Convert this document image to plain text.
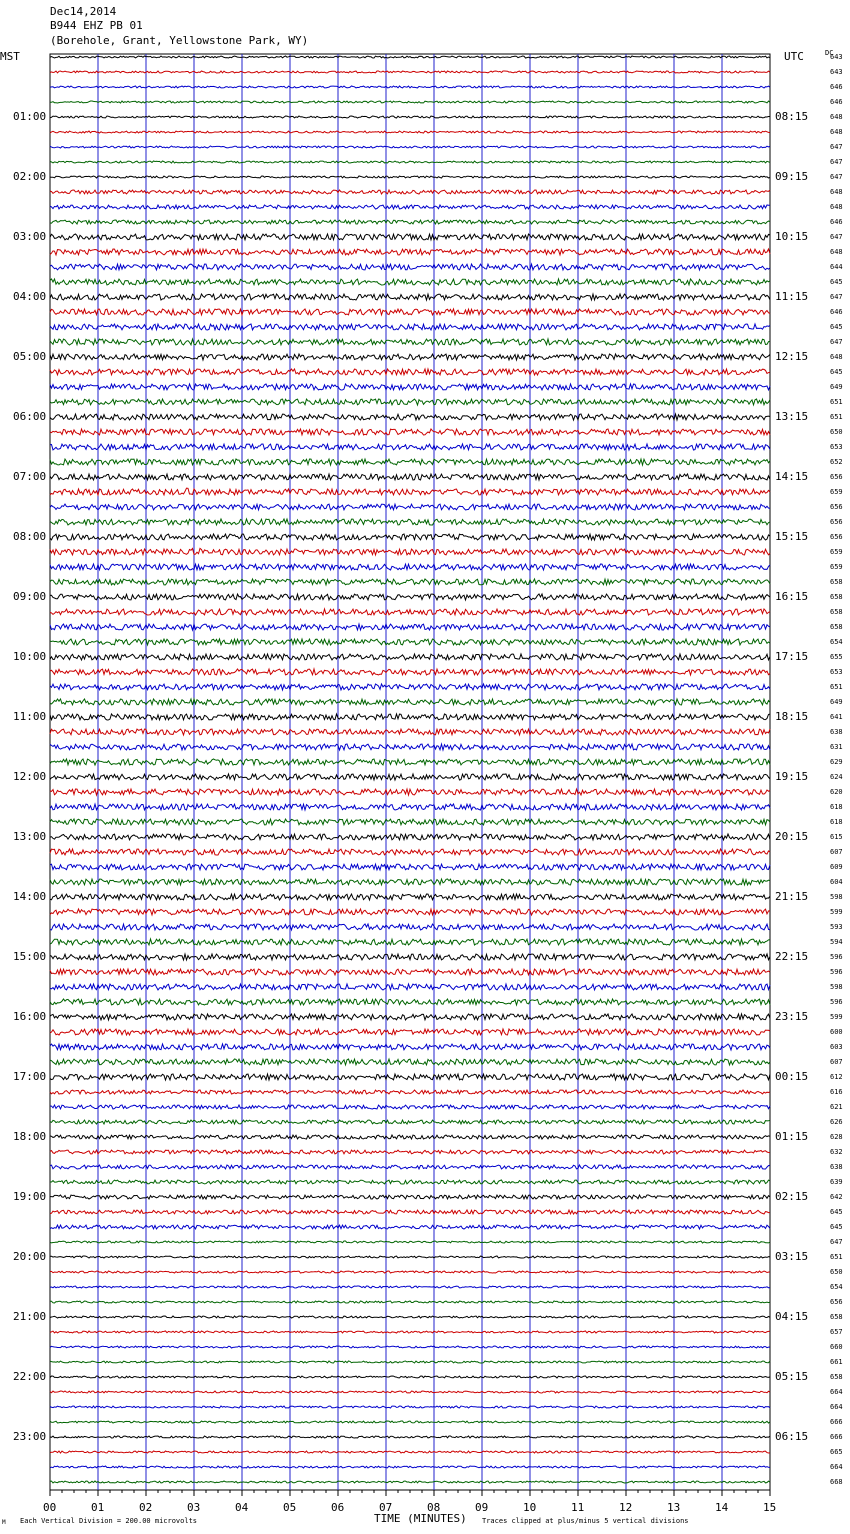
Dec14,2014
B944 EHZ PB 01
(Borehole, Grant, Yellowstone Park, WY)
MST	UTC	DC
01:00
02:00
03:00
04:00
05:00
06:00
07:00
08:00
09:00
10:00
11:00
12:00
13:00
14:00
15:00
16:00
17:00
18:00
19:00
20:00
21:00
22:00
23:00
08:15
09:15
10:15
11:15
12:15
13:15
14:15
15:15
16:15
17:15
18:15
19:15
20:15
21:15
22:15
23:15
00:15
01:15
02:15
03:15
04:15
05:15
06:15
643
643
646
646
648
648
647
647
647
648
648
646
647
648
644
645
647
646
645
647
648
645
649
651
651
650
653
652
656
659
656
656
656
659
659
658
658
658
658
654
655
653
651
649
641
638
631
629
624
620
618
618
615
607
609
604
598
599
593
594
596
596
598
596
599
600
603
607
612
616
621
626
628
632
638
639
642
645
645
647
651
650
654
656
658
657
660
661
658
664
664
666
666
665
664
668
00	01	02	03	04	05	06	07	08	09	10	11	12	13	14	15
TIME (MINUTES)
Each Vertical Division = 200.00 microvolts	Traces clipped at plus/minus 5 vertical divisions
M
